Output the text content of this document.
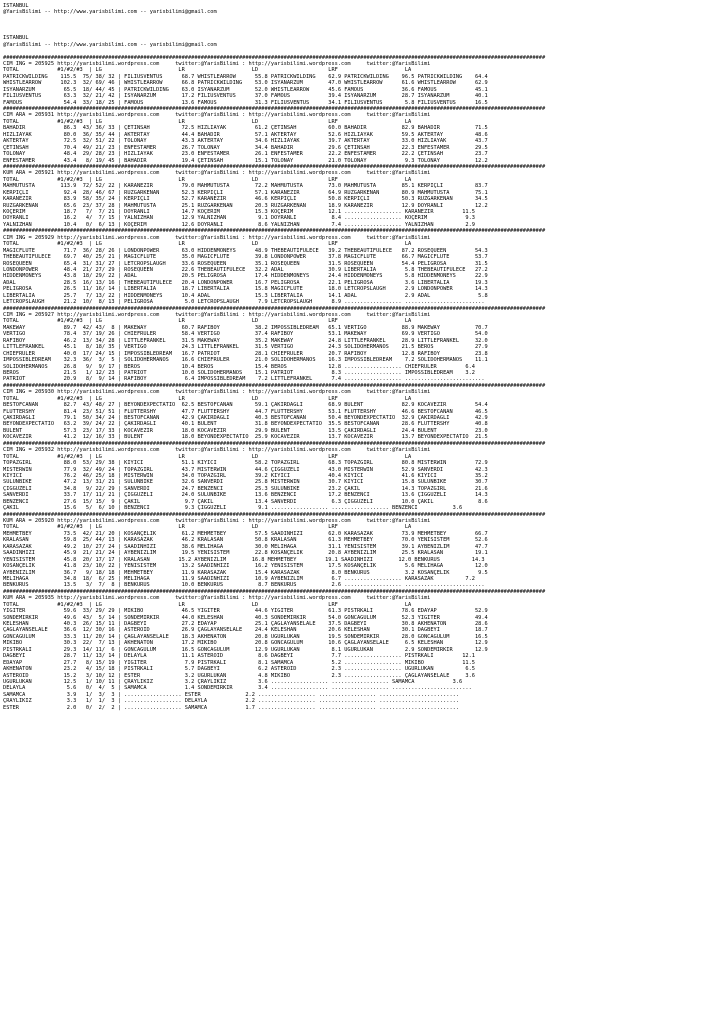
ISTANBUL
@YarisBilimi -- http://www.yarisbilimi.com -- yarisbilimi@gmail.com
ISTANBUL
@YarisBilimi -- http://www.yarisbilimi.com -- yarisbilimi@gmail.com
##########################################################################################################################################################################
CIM ING = 205925 http://yarisbilimi.wordpress.com     twitter:@YarisBilimi : http://yarisbilimi.wordpress.com     twitter:@YarisBilimi
TOTAL            #1/#2/#3  | LG                        LR                     LD                      LRF                     LA
PATRICKWILDING    115.5  75/ 38/ 32 | FILIUSVENTUS      68.7 WHISTLEARROW      55.8 PATRICKWILDING    62.9 PATRICKWILDING    96.5 PATRICKWILDING    64.4
WHISTLEARROW      102.3  32/ 69/ 46 | WHISTLEARROW      66.8 PATRICKWILDING    53.0 ISYANARZUM        47.0 WHISTLEARROW      61.6 WHISTLEARROW      62.9
ISYANARZUM         65.5  18/ 44/ 45 | PATRICKWILDING    63.0 ISYANARZUM        52.0 WHISTLEARROW      45.6 FAMOUS            36.6 FAMOUS            45.1
FILIUSVENTUS       63.3  32/ 21/ 42 | ISYANARZUM        17.2 FILIUSVENTUS      37.0 FAMOUS            39.4 ISYANARZUM        28.7 ISYANARZUM        40.1
FAMOUS             54.4  33/ 18/ 25 | FAMOUS            13.6 FAMOUS            31.3 FILIUSVENTUS      34.1 FILIUSVENTUS       5.8 FILIUSVENTUS      16.5
##########################################################################################################################################################################
CIM ARA = 205931 http://yarisbilimi.wordpress.com     twitter:@YarisBilimi : http://yarisbilimi.wordpress.com     twitter:@YarisBilimi
TOTAL            #1/#2/#3  | LG                        LR                     LD                      LRF                     LA
BAHADIR            86.3  43/ 36/ 33 | ÇETINSAH          72.5 HIZLIAYAK         61.2 ÇETINSAH          60.0 BAHADIR           82.9 BAHADIR           71.5
HIZLIAYAK          80.0  36/ 35/ 44 | AKTERTAY          44.4 BAHADIR           57.1 AKTERTAY          52.6 HIZLIAYAK         59.5 AKTERTAY          48.6
AKTERTAY           72.5  32/ 51/ 22 | TOLONAY           43.3 AKTERTAY          34.6 HIZLIAYAK         39.7 AKTERTAY          33.0 HIZLIAYAK         43.7
ÇETINSAH           70.4  49/ 21/ 23 | ENFESTAMER        26.7 TOLONAY           34.4 BAHADIR           29.6 ÇETINSAH          22.3 ENFESTAMER        29.5
TOLONAY            48.4  29/ 28/ 23 | HIZLIAYAK         23.0 ENFESTAMER        26.1 ENFESTAMER        22.2 ENFESTAMER        22.2 ÇETINSAH          23.7
ENFESTAMER         43.4   8/ 19/ 45 | BAHADIR           19.4 ÇETINSAH          15.1 TOLONAY           21.0 TOLONAY            9.3 TOLONAY           12.2
##########################################################################################################################################################################
KUM ARA = 205921 http://yarisbilimi.wordpress.com     twitter:@YarisBilimi : http://yarisbilimi.wordpress.com     twitter:@YarisBilimi
TOTAL            #1/#2/#3  | LG                        LR                     LD                      LRF                     LA
MAHMUTUSTA        113.9  72/ 52/ 22 | KARANEZIR         79.0 MAHMUTUSTA        72.2 MAHMUTUSTA        73.0 MAHMUTUSTA        85.1 KERPIÇLI          83.7
KERPIÇLI           92.4  28/ 46/ 67 | RÜZGARKENAN       52.3 KERPIÇLI          57.1 KARANEZIR         64.9 RÜZGARKENAN       80.9 MAHMUTUSTA        75.1
KARANEZIR          83.9  58/ 35/ 24 | KERPIÇLI          52.7 KARANEZIR         46.6 KERPIÇLI          50.8 KERPIÇLI          50.3 RÜZGARKENAN       34.5
RÜZGARKENAN        65.6  23/ 37/ 28 | MAHMUTUSTA        25.1 RÜZGARKENAN       20.3 RÜZGARKENAN       18.9 KARANEZIR         12.9 DOYRANLI          12.2
KOÇERIM            18.7   7/  7/ 21 | DOYRANLI          14.7 KOÇERIM           15.3 KOÇERIM           12.1 .................. KARANEZIR         11.5
DOYRANLI           16.2   4/  7/ 15 | YALNIZHAN         12.9 YALNIZHAN          9.1 DOYRANLI           8.4 .................. KOÇERIM            9.3
YALNIZHAN          10.4   0/  6/ 13 | KOÇERIM           12.6 DOYRANLI           8.6 YALNIZHAN          7.4 .................. YALNIZHAN          2.9
##########################################################################################################################################################################
CIM ING = 205929 http://yarisbilimi.wordpress.com     twitter:@YarisBilimi : http://yarisbilimi.wordpress.com     twitter:@YarisBilimi
TOTAL            #1/#2/#3  | LG                        LR                     LD                      LRF                     LA
MAGICFLUTE         71.7  36/ 28/ 26 | LONDONPOWER       63.0 HIDDENMONEYS      48.9 THEBEAUTIFULECE   39.2 THEBEAUTIFULECE   87.2 ROSEQUEEN         54.3
THEBEAUTIFULECE    69.7  40/ 25/ 21 | MAGICFLUTE        35.0 MAGICFLUTE        39.8 LONDONPOWER       37.8 MAGICFLUTE        66.7 MAGICFLUTE        53.7
ROSEQUEEN          65.4  31/ 31/ 27 | LETCROPSLAUGH     33.6 ROSEQUEEN         35.1 ROSEQUEEN         31.5 ROSEQUEEN         54.4 PELIGROSA         31.5
LONDONPOWER        48.4  21/ 27/ 29 | ROSEQUEEN         22.6 THEBEAUTIFULECE   32.2 ADAL              30.9 LIBERTALIA         5.8 THEBEAUTIFULECE   27.2
HIDDENMONEYS       43.8  18/ 29/ 22 | ADAL              20.5 PELIGROSA         17.4 HIDDENMONEYS      24.4 HIDDENMONEYS       5.8 HIDDENMONEYS      22.9
ADAL               28.5  16/ 13/ 16 | THEBEAUTIFULECE   20.4 LONDONPOWER       16.7 PELIGROSA         22.1 PELIGROSA          3.6 LIBERTALIA        19.3
PELIGROSA          26.5  11/ 16/ 14 | LIBERTALIA        18.7 LIBERTALIA        15.8 MAGICFLUTE        18.0 LETCROPSLAUGH      2.9 LONDONPOWER       14.3
LIBERTALIA         25.7   7/ 13/ 22 | HIDDENMONEYS      10.4 ADAL              15.3 LIBERTALIA        14.1 ADAL               2.9 ADAL               5.8
LETCROPSLAUGH      21.2  10/  8/ 13 | PELIGROSA          5.0 LETCROPSLAUGH      7.9 LETCROPSLAUGH      8.9 .................. .........................
##########################################################################################################################################################################
CIM ING = 205927 http://yarisbilimi.wordpress.com     twitter:@YarisBilimi : http://yarisbilimi.wordpress.com     twitter:@YarisBilimi
TOTAL            #1/#2/#3  | LG                        LR                     LD                      LRF                     LA
MAKEWAY            89.7  42/ 43/  8 | MAKEWAY           60.7 RAFIBOY           38.2 IMPOSSIBLEDREAM   65.1 VERTIGO           88.9 MAKEWAY           70.7
VERTIGO            78.4  37/ 19/ 26 | CHIEFRULER        58.4 VERTIGO           37.4 RAFIBOY           53.1 MAKEWAY           69.9 VERTIGO           54.0
RAFIBOY            46.2  13/ 34/ 28 | LITTLEFRANKEL     31.5 MAKEWAY           35.2 MAKEWAY           24.8 LITTLEFRANKEL     28.9 LITTLEFRANKEL     32.0
LITTLEFRANKEL      45.1   8/ 18/ 35 | VERTIGO           24.3 LITTLEFRANKEL     31.5 VERTIGO           24.3 SOLIDOHERMANOS    21.5 BEROS             27.9
CHIEFRULER         40.0  17/ 24/ 15 | IMPOSSIBLEDREAM   16.7 PATRIOT           28.1 CHIEFRULER        20.7 RAFIBOY           12.8 RAFIBOY           23.8
IMPOSSIBLEDREAM    32.3  36/  3/  5 | SOLIDOHERMANOS    16.6 CHIEFRULER        21.0 SOLIDOHERMANOS    16.3 IMPOSSIBLEDREAM    7.2 SOLIDOHERMANOS    11.1
SOLIDOHERMANOS     26.8   9/  9/ 17 | BEROS             10.4 BEROS             15.4 BEROS             12.8 .................. CHIEFRULER         6.4
BEROS              21.5   1/ 12/ 23 | PATRIOT           10.0 SOLIDOHERMANOS    15.1 PATRIOT            8.3 .................. IMPOSSIBLEDREAM    3.2
PATRIOT            20.9   8/  9/ 14 | RAFIBOY            6.4 IMPOSSIBLEDREAM    7.2 LITTLEFRANKEL      7.4 .................. .........................
##########################################################################################################################################################################
CIM ING = 205930 http://yarisbilimi.wordpress.com     twitter:@YarisBilimi : http://yarisbilimi.wordpress.com     twitter:@YarisBilimi
TOTAL            #1/#2/#3  | LG                        LR                     LD                      LRF                     LA
BESTOFCANAN        82.7  43/ 48/ 27 | BEYONDEXPECTATIO  62.5 BESTOFCANAN       59.1 ÇAKIRDAGLI        68.9 BÜLENT            82.9 KOCAVEZIR         54.4
FLUTTERSHY         81.4  23/ 51/ 51 | FLUTTERSHY        47.7 FLUTTERSHY        44.7 FLUTTERSHY        53.1 FLUTTERSHY        46.6 BESTOFCANAN       46.5
ÇAKIRDAGLI         79.1  50/ 34/ 24 | BESTOFCANAN       42.9 ÇAKIRDAGLI        40.3 BESTOFCANAN       50.4 BEYONDEXPECTATIO  32.9 ÇAKIRDAGLI        42.9
BEYONDEXPECTATIO   63.2  39/ 24/ 22 | ÇAKIRDAGLI        40.1 BÜLENT            31.8 BEYONDEXPECTATIO  35.5 BESTOFCANAN       28.6 FLUTTERSHY        40.8
BÜLENT             57.3  23/ 17/ 33 | KOCAVEZIR         18.0 KOCAVEZIR         29.9 BÜLENT            13.5 ÇAKIRDAGLI        24.4 BÜLENT            23.0
KOCAVEZIR          41.2  12/ 16/ 33 | BÜLENT            18.0 BEYONDEXPECTATIO  25.9 KOCAVEZIR         13.7 KOCAVEZIR         13.7 BEYONDEXPECTATIO  21.5
##########################################################################################################################################################################
CIM ING = 205932 http://yarisbilimi.wordpress.com     twitter:@YarisBilimi : http://yarisbilimi.wordpress.com     twitter:@YarisBilimi
TOTAL            #1/#2/#3  | LG                        LR                     LD                      LRF                     LA
TOPAZGIRL          88.0  53/ 29/ 38 | KIYICI            51.1 KIYICI            58.2 TOPAZGIRL         68.3 TOPAZGIRL         80.8 MISTERWIN         72.9
MISTERWIN          77.9  32/ 49/ 24 | TOPAZGIRL         43.7 MISTERWIN         44.6 ÇIGGÜZELI         43.0 MISTERWIN         52.9 SANVERDI          42.3
KIYICI             76.2  46/ 25/ 18 | MISTERWIN         34.0 TOPAZGIRL         39.2 KIYICI            40.4 KIYICI            41.6 KIYICI            35.2
SÜLÜNBIKE          47.2  13/ 31/ 21 | SÜLÜNBIKE         32.6 SANVERDI          25.8 MISTERWIN         30.7 KIYICI            15.8 SÜLÜNBIKE         30.7
ÇIGGÜZELI          34.8   9/ 22/ 29 | SANVERDI          24.7 BENZENCI          25.3 SÜLÜNBIKE         23.2 ÇAKIL             14.3 TOPAZGIRL         21.6
SANVERDI           33.7  17/ 11/ 21 | ÇIGGÜZELI         24.0 SÜLÜNBIKE         13.6 BENZENCI          17.2 BENZENCI          13.6 ÇIGGÜZELI         14.3
BENZENCI           27.6  15/ 15/  9 | ÇAKIL              9.7 ÇAKIL             13.4 SANVERDI           6.3 ÇIGGÜZELI         10.0 ÇAKIL              8.6
ÇAKIL              15.6   5/  6/ 10 | BENZENCI           9.3 ÇIGGÜZELI          9.1 .................. .................. BENZENCI           3.6
##########################################################################################################################################################################
KUM ARA = 205920 http://yarisbilimi.wordpress.com     twitter:@YarisBilimi : http://yarisbilimi.wordpress.com     twitter:@YarisBilimi
TOTAL            #1/#2/#3  | LG                        LR                     LD                      LRF                     LA
MEHMETBEY          73.5  42/ 21/ 20 | KOSANÇELIK        61.2 MEHMETBEY         57.5 SAADINHIZI        62.0 KARASAZAK         73.9 MEHMETBEY         66.7
KRALASAN           59.8  25/ 44/ 13 | KARASAZAK         46.2 KRALASAN          50.8 KRALASAN          61.3 MEHMETBEY         70.0 YENISISTEM        52.6
KARASAZAK          49.2  10/ 27/ 24 | SAADINHIZI        38.6 MELIHAGA          30.0 MELIHAGA          31.1 YENISISTEM        39.1 AYBENIZLIM        47.7
SAADINHIZI         45.9  21/ 21/ 24 | AYBENIZLIM        19.5 YENISISTEM        22.8 KOSANÇELIK        20.8 AYBENIZLIM        25.5 KRALASAN          19.1
YENISISTEM         45.8  20/ 17/ 17 | KRALASAN         15.2 AYBENIZLIM        16.8 MEHMETBEY         19.1 SAADINHIZI        12.0 BENKURUS          14.3
KOSANÇELIK         41.8  23/ 10/ 22 | YENISISTEM        13.2 SAADINHIZI        16.2 YENISISTEM        17.5 KOSANÇELIK         5.6 MELIHAGA          12.0
AYBENIZLIM         36.7   9/ 18/ 18 | MEHMETBEY         11.9 KARASAZAK         15.4 KARASAZAK          8.0 BENKURUS           3.2 KOSANÇELIK         9.5
MELIHAGA           34.8  18/  6/ 25 | MELIHAGA          11.9 SAADINHIZI        10.9 AYBENIZLIM         6.7 .................. KARASAZAK          7.2
BENKURUS           13.5   3/  7/  8 | BENKURUS          10.0 BENKURUS           8.7 BENKURUS           2.6 .................. .........................
##########################################################################################################################################################################
KUM ARA = 205935 http://yarisbilimi.wordpress.com     twitter:@YarisBilimi : http://yarisbilimi.wordpress.com     twitter:@YarisBilimi
TOTAL            #1/#2/#3  | LG                        LR                     LD                      LRF                     LA
YIGITER            59.6  33/ 29/ 29 | MIKIBO            46.5 YIGITER           44.6 YIGITER           61.3 PISTRKALI         78.6 EDAYAP            52.9
SONDEMIRKIR        49.6  43/  5/ 14 | SONDEMIRKIR       44.0 KELESHAN          40.3 SONDEMIRKIR       54.0 GONCAGÜLÜM        52.3 YIGITER           49.4
KELESHAN           40.3  26/ 15/ 11 | DAGBEYI           27.2 EDAYAP            25.1 ÇAGLAYANSELALE    37.5 DAGBEYI           30.8 AKHENATON         28.6
ÇAGLAYANSELALE     36.6  12/ 30/ 16 | ASTEROID          26.9 ÇAGLAYANSELALE    24.4 KELESHAN          20.6 KELESHAN          30.1 DAGBEYI           18.7
GONCAGÜLÜM         33.3  11/ 20/ 14 | ÇAGLAYANSELALE    18.3 AKHENATON         20.8 UGURLUKAN         19.5 SONDEMIRKIR       28.0 GONCAGÜLÜM        16.5
MIKIBO             30.3  22/  7/ 13 | AKHENATON         17.2 MIKIBO            20.8 GONCAGÜLÜM        10.6 ÇAGLAYANSELALE     6.5 KELESHAN          12.9
PISTRKALI          29.3  14/ 11/  6 | GONCAGÜLÜM        16.5 GONCAGÜLÜM        12.9 UGURLUKAN          8.1 UGURLUKAN          2.9 SONDEMIRKIR       12.9
DAGBEYI            28.7  11/ 13/ 14 | DELAYLA           11.1 ASTEROID           8.6 DAGBEYI            7.7 .................. PISTRKALI         12.1
EDAYAP             27.7   8/ 15/ 19 | YIGITER            7.9 PISTRKALI          8.1 SAMAMCA            5.2 .................. MIKIBO            11.5
AKHENATON          23.2   4/ 15/ 18 | PISTRKALI          5.7 DAGBEYI            6.2 ASTEROID           2.3 .................. UGURLUKAN          6.5
ASTEROID           15.2   3/ 10/ 12 | ESTER              3.2 UGURLUKAN          4.8 MIKIBO             2.3 .................. ÇAGLAYANSELALE     3.6
UGURLUKAN          12.5   1/ 10/ 11 | ÇRAYLIKIZ          3.2 ÇRAYLIKIZ          3.6 .................. .................. SAMAMCA            3.6
DELAYLA             5.6   0/  4/  5 | SAMAMCA            1.4 SONDEMIRKIR        3.4 .................. .................. .........................
SAMAMCA             3.9   1/  3/  3 | .................. ESTER              2.2 .................. .................. .........................
ÇRAYLIKIZ           3.3   1/  1/  3 | .................. DELAYLA            2.2 .................. .................. .........................
ESTER               2.0   0/  2/  2 | .................. SAMAMCA            1.7 .................. .................. .........................
